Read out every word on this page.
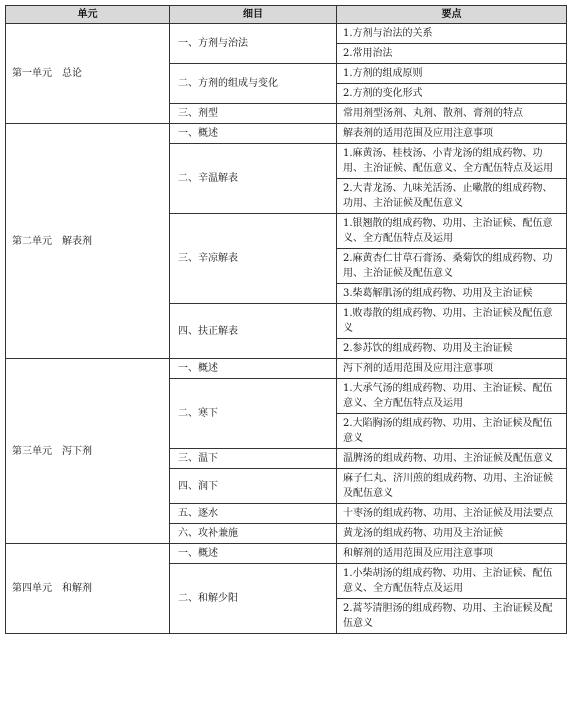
单元	细目	要点
第一单元　总论	一、方剂与治法	1.方剂与治法的关系
		2.常用治法
	二、方剂的组成与变化	1.方剂的组成原则
		2.方剂的变化形式
	三、剂型	常用剂型汤剂、丸剂、散剂、膏剂的特点
第二单元　解表剂	一、概述	解表剂的适用范围及应用注意事项
	二、辛温解表	1.麻黄汤、桂枝汤、小青龙汤的组成药物、功用、主治证候、配伍意义、全方配伍特点及运用
		2.大青龙汤、九味羌活汤、止嗽散的组成药物、功用、主治证候及配伍意义
	三、辛凉解表	1.银翘散的组成药物、功用、主治证候、配伍意义、全方配伍特点及运用
		2.麻黄杏仁甘草石膏汤、桑菊饮的组成药物、功用、主治证候及配伍意义
		3.柴葛解肌汤的组成药物、功用及主治证候
	四、扶正解表	1.败毒散的组成药物、功用、主治证候及配伍意义
		2.参苏饮的组成药物、功用及主治证候
第三单元　泻下剂	一、概述	泻下剂的适用范围及应用注意事项
	二、寒下	1.大承气汤的组成药物、功用、主治证候、配伍意义、全方配伍特点及运用
		2.大陷胸汤的组成药物、功用、主治证候及配伍意义
	三、温下	温脾汤的组成药物、功用、主治证候及配伍意义
	四、润下	麻子仁丸、济川煎的组成药物、功用、主治证候及配伍意义
	五、逐水	十枣汤的组成药物、功用、主治证候及用法要点
	六、攻补兼施	黄龙汤的组成药物、功用及主治证候
第四单元　和解剂	一、概述	和解剂的适用范围及应用注意事项
	二、和解少阳	1.小柴胡汤的组成药物、功用、主治证候、配伍意义、全方配伍特点及运用
		2.蒿芩清胆汤的组成药物、功用、主治证候及配伍意义
